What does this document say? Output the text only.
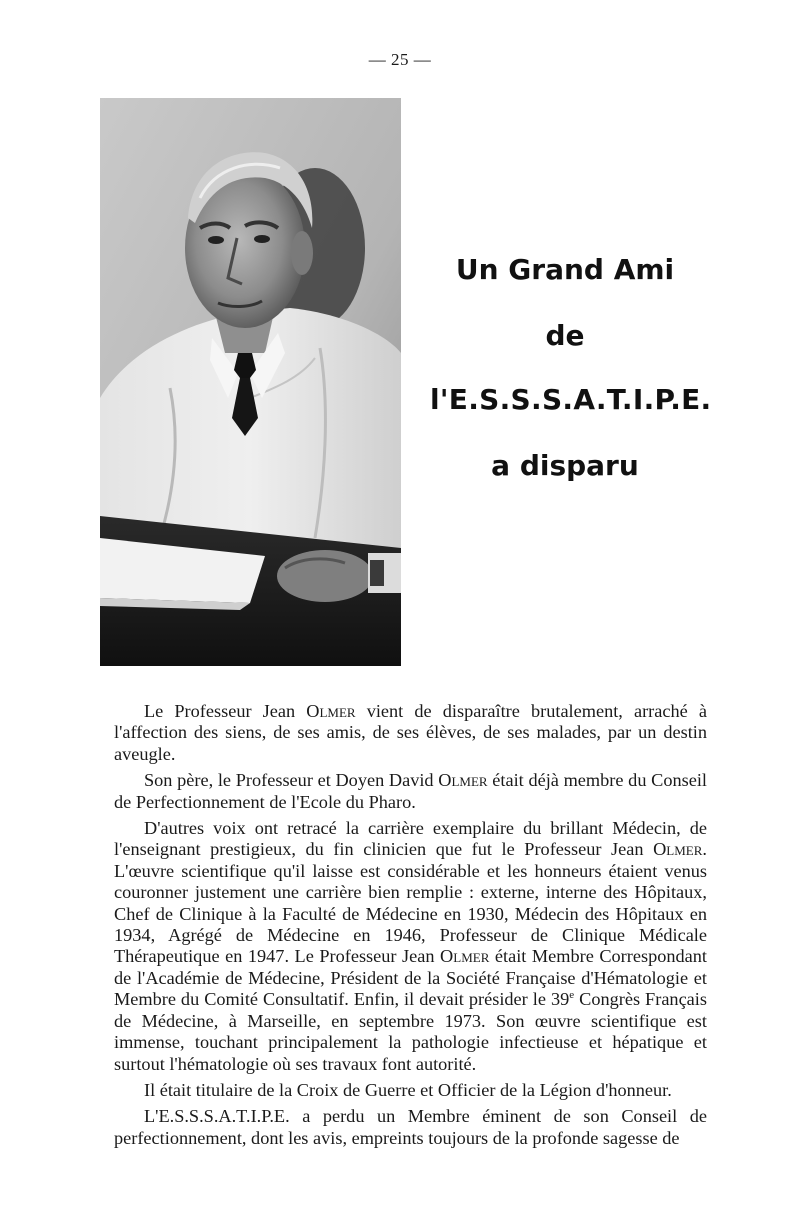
— 25 —
Un Grand Ami
de
l'E.S.S.S.A.T.I.P.E.
a disparu

Le Professeur Jean Olmer vient de disparaître brutalement, arraché à l'affection des siens, de ses amis, de ses élèves, de ses malades, par un destin aveugle.

Son père, le Professeur et Doyen David Olmer était déjà membre du Conseil de Perfectionnement de l'Ecole du Pharo.

D'autres voix ont retracé la carrière exemplaire du brillant Médecin, de l'enseignant prestigieux, du fin clinicien que fut le Professeur Jean Olmer. L'œuvre scientifique qu'il laisse est considérable et les honneurs étaient venus couronner justement une carrière bien remplie : externe, interne des Hôpitaux, Chef de Clinique à la Faculté de Médecine en 1930, Médecin des Hôpitaux en 1934, Agrégé de Médecine en 1946, Professeur de Clinique Médicale Thérapeutique en 1947. Le Professeur Jean Olmer était Membre Correspondant de l'Académie de Médecine, Président de la Société Française d'Hématologie et Membre du Comité Consultatif. Enfin, il devait présider le 39e Congrès Français de Médecine, à Marseille, en septembre 1973. Son œuvre scientifique est immense, touchant principalement la pathologie infectieuse et hépatique et surtout l'hématologie où ses travaux font autorité.

Il était titulaire de la Croix de Guerre et Officier de la Légion d'honneur.

L'E.S.S.S.A.T.I.P.E. a perdu un Membre éminent de son Conseil de perfectionnement, dont les avis, empreints toujours de la profonde sagesse de
